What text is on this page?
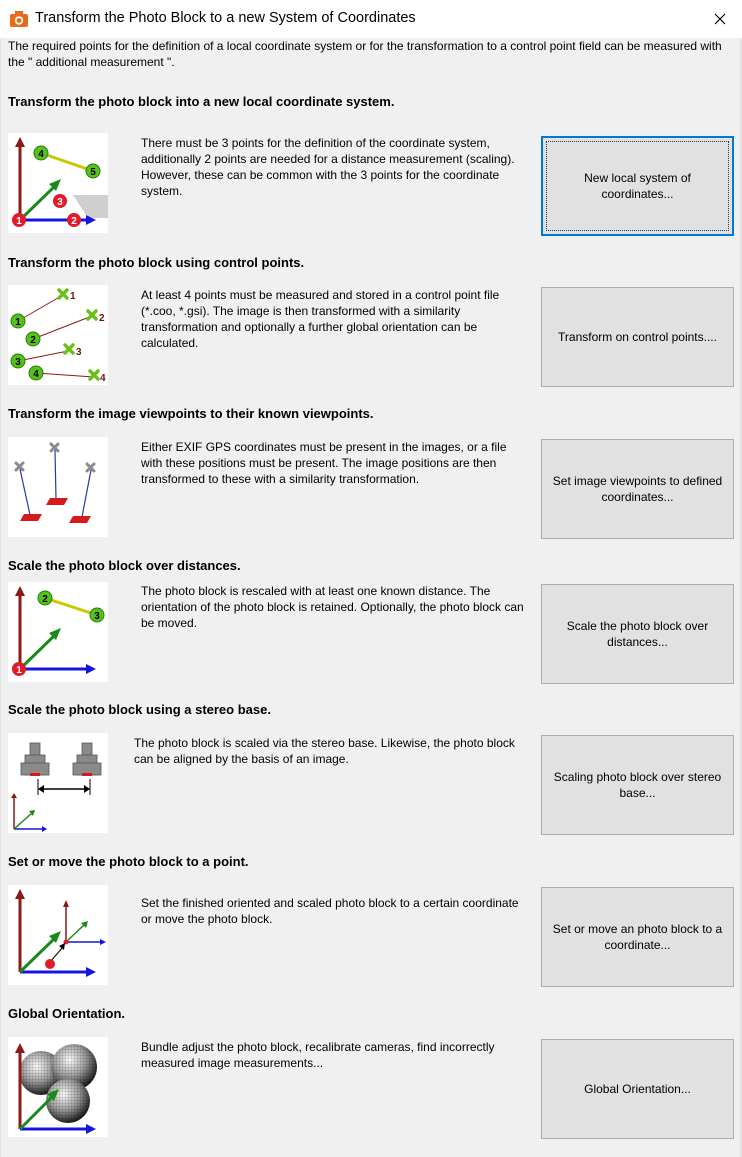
Transform the Photo Block to a new System of Coordinates
The required points for the definition of a local coordinate system or for the transformation to a control point field can be measured with the " additional measurement ".
Transform the photo block into a new local coordinate system.
4
5
3
1	2
There must be 3 points for the definition of the coordinate system, additionally 2 points are needed for a distance measurement (scaling). However, these can be common with the 3 points for the coordinate system.
New local system of coordinates...
Transform the photo block using control points.
1
2
3
4
1
2
3
4
At least 4 points must be measured and stored in a control point file (*.coo, *.gsi). The image is then transformed with a similarity transformation and optionally a further global orientation can be calculated.	Transform on control points....
Transform the image viewpoints to their known viewpoints.
Either EXIF GPS coordinates must be present in the images, or a file with these positions must be present. The image positions are then transformed to these with a similarity transformation.	Set image viewpoints to defined coordinates...
Scale the photo block over distances.
2
3
1
The photo block is rescaled with at least one known distance. The orientation of the photo block is retained. Optionally, the photo block can be moved.	Scale the photo block over distances...
Scale the photo block using a stereo base.
The photo block is scaled via the stereo base. Likewise, the photo block can be aligned by the basis of an image.
Scaling photo block over stereo base...
Set or move the photo block to a point.
Set the finished oriented and scaled photo block to a certain coordinate or move the photo block.
Set or move an photo block to a coordinate...
Global Orientation.
Bundle adjust the photo block, recalibrate cameras, find incorrectly measured image measurements...
Global Orientation...
